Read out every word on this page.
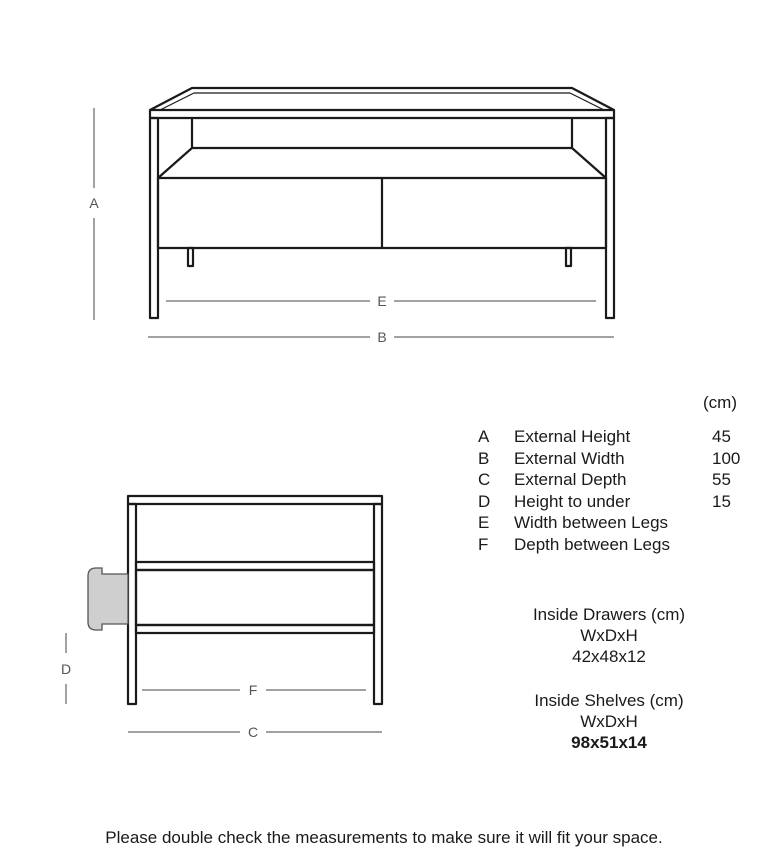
A
E
B
D
F
C
(cm)
A	External Height	45
B	External Width	100
C	External Depth	55
D	Height to under	15
E	Width between Legs	
F	Depth between Legs	
Inside Drawers (cm)
WxDxH
42x48x12
Inside Shelves (cm)
WxDxH
98x51x14
Please double check the measurements to make sure it will fit your space.
